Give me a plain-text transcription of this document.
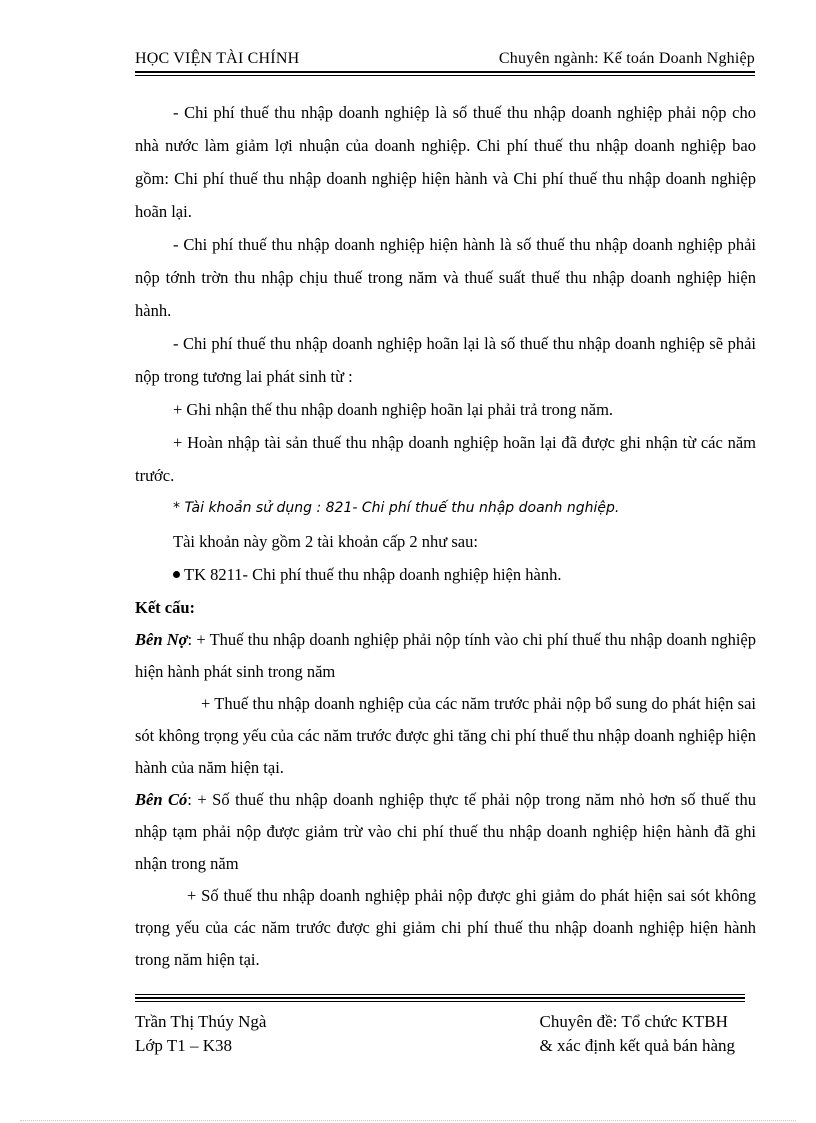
HỌC VIỆN TÀI CHÍNH	Chuyên ngành: Kế toán Doanh Nghiệp

- Chi phí thuế thu nhập doanh nghiệp là số thuế thu nhập doanh nghiệp phải nộp cho nhà nước làm giảm lợi nhuận của doanh nghiệp. Chi phí thuế thu nhập doanh nghiệp bao gồm: Chi phí thuế thu nhập doanh nghiệp hiện hành và Chi phí thuế thu nhập doanh nghiệp hoãn lại.

- Chi phí thuế thu nhập doanh nghiệp hiện hành là số thuế thu nhập doanh nghiệp phải nộp tớnh trờn thu nhập chịu thuế trong năm và thuế suất thuế thu nhập doanh nghiệp hiện hành.

- Chi phí thuế thu nhập doanh nghiệp hoãn lại là số thuế thu nhập doanh nghiệp sẽ phải nộp trong tương lai phát sinh từ :

+ Ghi nhận thế thu nhập doanh nghiệp hoãn lại phải trả trong năm.

+ Hoàn nhập tài sản thuế thu nhập doanh nghiệp hoãn lại đã được ghi nhận từ các năm trước.

* Tài khoản sử dụng : 821- Chi phí thuế thu nhập doanh nghiệp.

Tài khoản này gồm 2 tài khoản cấp 2 như sau:

TK 8211- Chi phí thuế thu nhập doanh nghiệp hiện hành.

Kết cấu:

Bên Nợ: + Thuế thu nhập doanh nghiệp phải nộp tính vào chi phí thuế thu nhập doanh nghiệp hiện hành phát sinh trong năm

+ Thuế thu nhập doanh nghiệp của các năm trước phải nộp bổ sung do phát hiện sai sót không trọng yếu của các năm trước được ghi tăng chi phí thuế thu nhập doanh nghiệp hiện hành của năm hiện tại.

Bên Có: + Số thuế thu nhập doanh nghiệp thực tế phải nộp trong năm nhỏ hơn số thuế thu nhập tạm phải nộp được giảm trừ vào chi phí thuế thu nhập doanh nghiệp hiện hành đã ghi nhận trong năm

+ Số thuế thu nhập doanh nghiệp phải nộp được ghi giảm do phát hiện sai sót không trọng yếu của các năm trước được ghi giảm chi phí thuế thu nhập doanh nghiệp hiện hành trong năm hiện tại.

Trần Thị Thúy Ngà
Lớp T1 – K38
Chuyên đề: Tổ chức KTBH
& xác định kết quả bán hàng
